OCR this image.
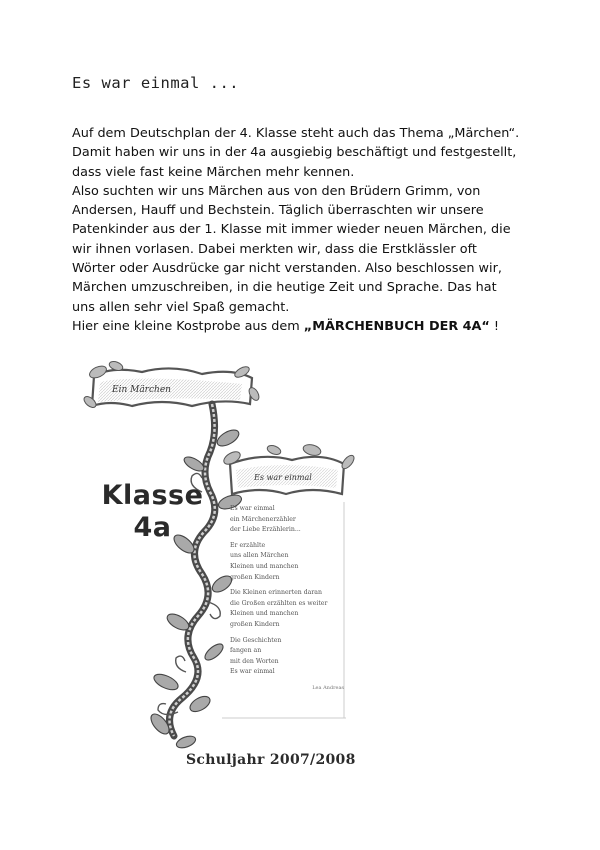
Es war einmal ...
Auf dem Deutschplan der 4. Klasse steht auch das Thema „Märchen“.
Damit haben wir uns in der 4a ausgiebig beschäftigt und festgestellt,
dass viele fast keine Märchen mehr kennen.
Also suchten wir uns Märchen aus von den Brüdern Grimm, von
Andersen, Hauff und Bechstein. Täglich überraschten wir unsere
Patenkinder aus der 1. Klasse mit immer wieder neuen Märchen, die
wir ihnen vorlasen. Dabei merkten wir, dass die Erstklässler oft
Wörter oder Ausdrücke gar nicht verstanden. Also beschlossen wir,
Märchen umzuschreiben, in die heutige Zeit und Sprache. Das hat
uns allen sehr viel Spaß gemacht.
Hier eine kleine Kostprobe aus dem „MÄRCHENBUCH DER 4A“ !
Ein Märchen
Es war einmal
Klasse
4a
Es war einmal
ein Märchenerzähler
der Liebe Erzählerin...
Er erzählte
uns allen Märchen
Kleinen und manchen
großen Kindern
Die Kleinen erinnerten daran
die Großen erzählten es weiter
Kleinen und manchen
großen Kindern
Die Geschichten
fangen an
mit den Worten
Es war einmal
Lea Andreas
Schuljahr 2007/2008
